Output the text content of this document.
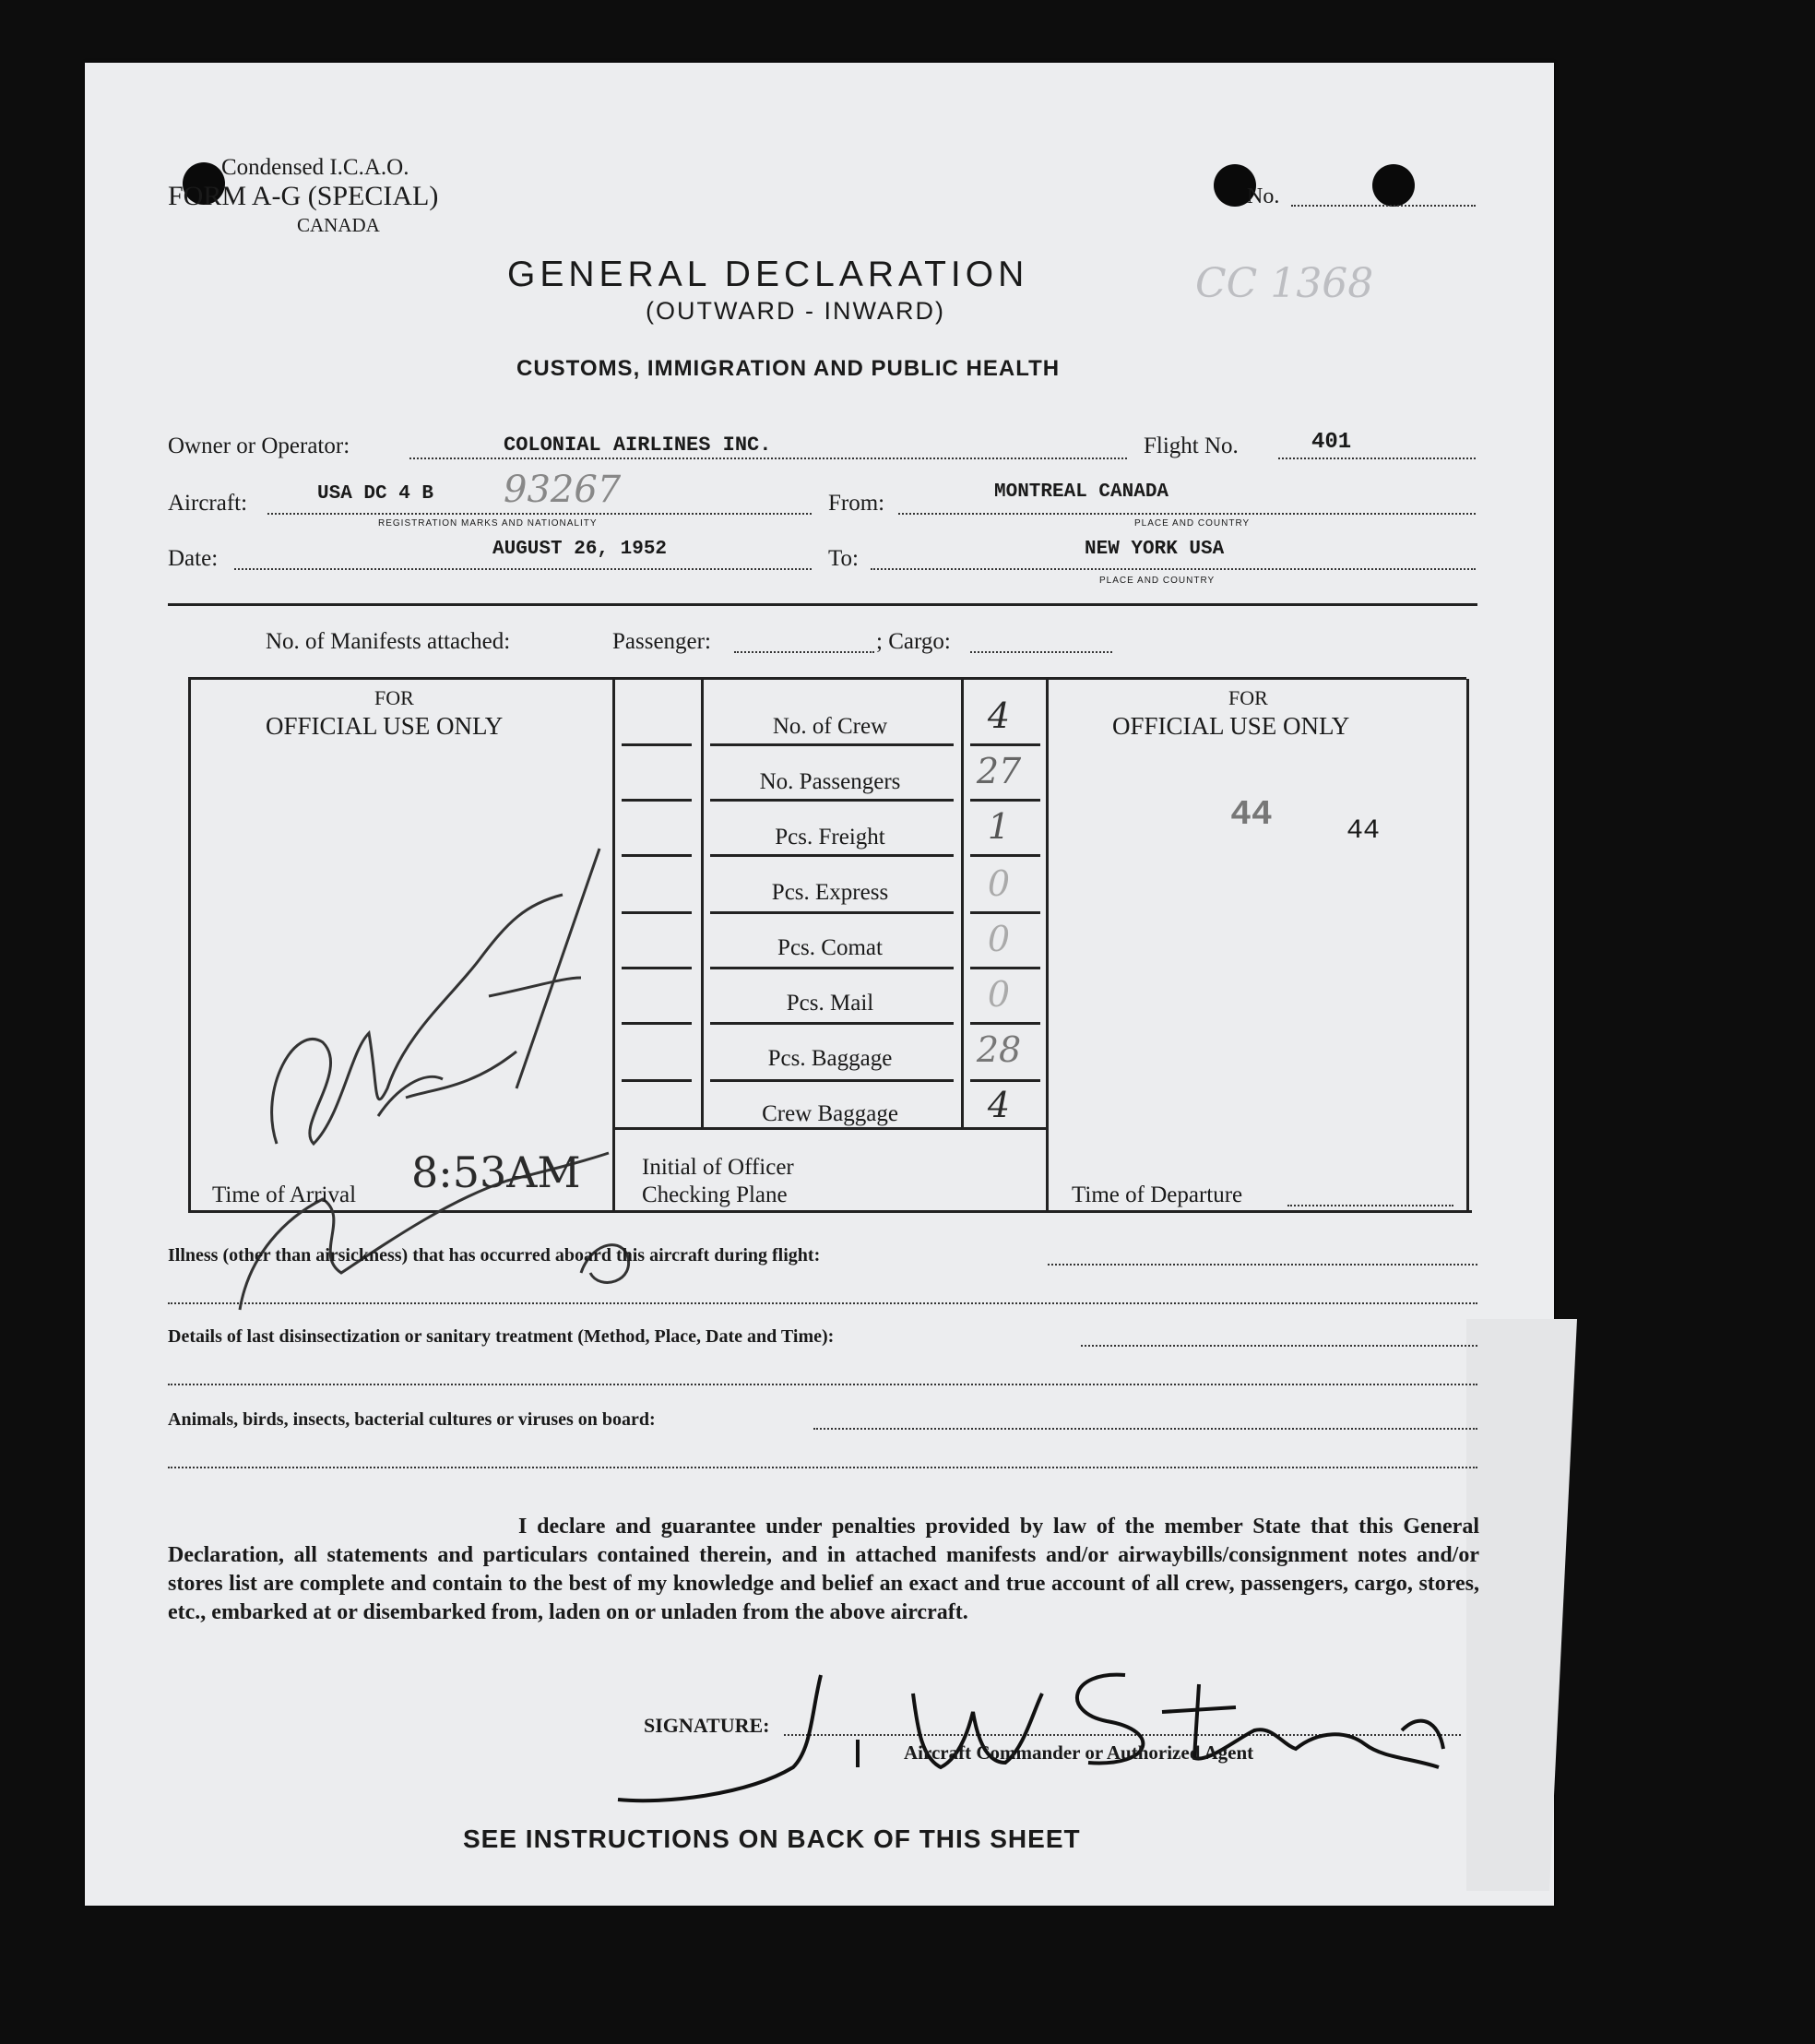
Condensed I.C.A.O.
FORM A-G (SPECIAL)
CANADA
No.
GENERAL DECLARATION
(OUTWARD - INWARD)
CC 1368
CUSTOMS, IMMIGRATION AND PUBLIC HEALTH
Owner or Operator:	COLONIAL AIRLINES INC.	Flight No.	401
Aircraft:	USA DC 4 B 93267
REGISTRATION MARKS AND NATIONALITY
From:	MONTREAL CANADA
PLACE AND COUNTRY
Date:	AUGUST 26, 1952	To:	NEW YORK USA
PLACE AND COUNTRY
No. of Manifests attached:	Passenger:	; Cargo:
FOR
OFFICIAL USE ONLY
FOR
OFFICIAL USE ONLY
44	44
No. of Crew	4
No. Passengers	27
Pcs. Freight	1
Pcs. Express	0
Pcs. Comat	0
Pcs. Mail	0
Pcs. Baggage	28
Crew Baggage	4
Time of Arrival 8:53AM	Initial of Officer
Checking Plane	Time of Departure
Illness (other than airsickness) that has occurred aboard this aircraft during flight:
Details of last disinsectization or sanitary treatment (Method, Place, Date and Time):
Animals, birds, insects, bacterial cultures or viruses on board:
I declare and guarantee under penalties provided by law of the member State that this General Declaration, all statements and particulars contained therein, and in attached manifests and/or airwaybills/consignment notes and/or stores list are complete and contain to the best of my knowledge and belief an exact and true account of all crew, passengers, cargo, stores, etc., embarked at or disembarked from, laden on or unladen from the above aircraft.
SIGNATURE:
Aircraft Commander or Authorized Agent
SEE INSTRUCTIONS ON BACK OF THIS SHEET
